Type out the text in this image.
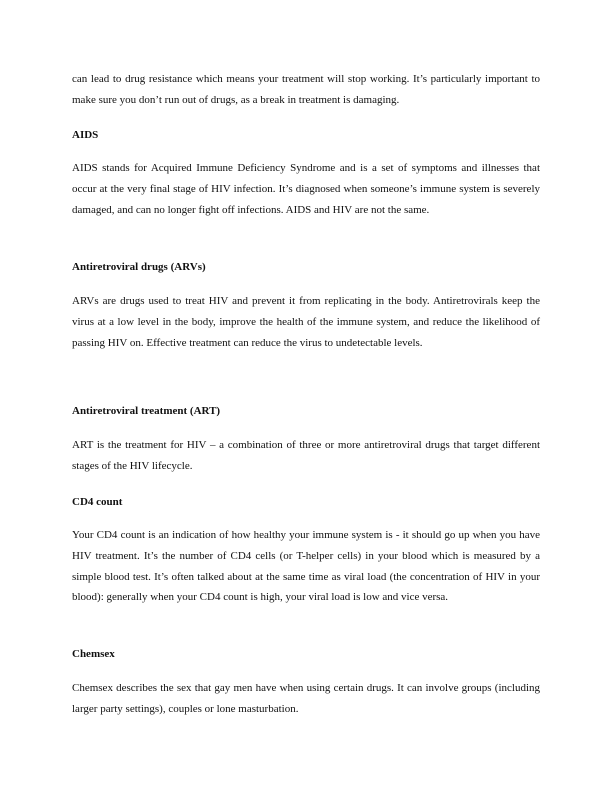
can lead to drug resistance which means your treatment will stop working. It’s particularly important to make sure you don’t run out of drugs, as a break in treatment is damaging.

AIDS

AIDS stands for Acquired Immune Deficiency Syndrome and is a set of symptoms and illnesses that occur at the very final stage of HIV infection. It’s diagnosed when someone’s immune system is severely damaged, and can no longer fight off infections. AIDS and HIV are not the same.

Antiretroviral drugs (ARVs)

ARVs are drugs used to treat HIV and prevent it from replicating in the body. Antiretrovirals keep the virus at a low level in the body, improve the health of the immune system, and reduce the likelihood of passing HIV on. Effective treatment can reduce the virus to undetectable levels.

Antiretroviral treatment (ART)

ART is the treatment for HIV – a combination of three or more antiretroviral drugs that target different stages of the HIV lifecycle.

CD4 count

Your CD4 count is an indication of how healthy your immune system is - it should go up when you have HIV treatment. It’s the number of CD4 cells (or T-helper cells) in your blood which is measured by a simple blood test. It’s often talked about at the same time as viral load (the concentration of HIV in your blood): generally when your CD4 count is high, your viral load is low and vice versa.

Chemsex

Chemsex describes the sex that gay men have when using certain drugs. It can involve groups (including larger party settings), couples or lone masturbation.
